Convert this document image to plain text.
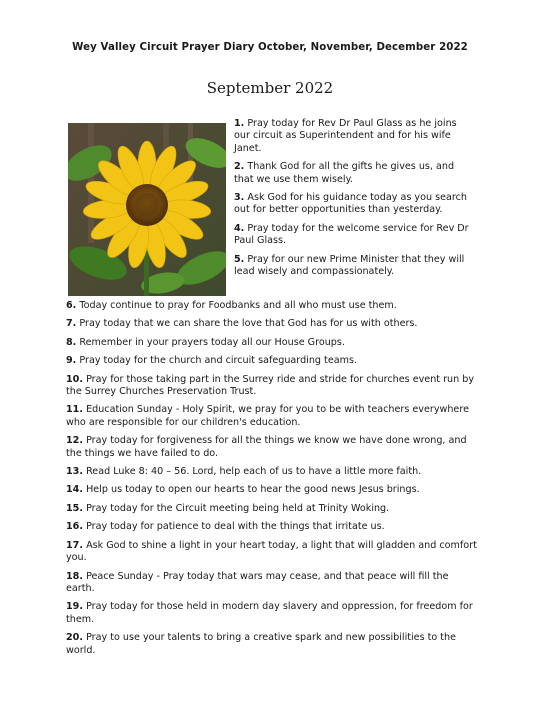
Wey Valley Circuit Prayer Diary October, November, December 2022
September 2022

1. Pray today for Rev Dr Paul Glass as he joins our circuit as Superintendent and for his wife Janet.

2. Thank God for all the gifts he gives us, and that we use them wisely.

3. Ask God for his guidance today as you search out for better opportunities than yesterday.

4. Pray today for the welcome service for Rev Dr Paul Glass.

5. Pray for our new Prime Minister that they will lead wisely and compassionately.

6. Today continue to pray for Foodbanks and all who must use them.

7. Pray today that we can share the love that God has for us with others.

8. Remember in your prayers today all our House Groups.

9. Pray today for the church and circuit safeguarding teams.

10. Pray for those taking part in the Surrey ride and stride for churches event run by the Surrey Churches Preservation Trust.

11. Education Sunday - Holy Spirit, we pray for you to be with teachers everywhere who are responsible for our children's education.

12. Pray today for forgiveness for all the things we know we have done wrong, and the things we have failed to do.

13. Read Luke 8: 40 – 56. Lord, help each of us to have a little more faith.

14. Help us today to open our hearts to hear the good news Jesus brings.

15. Pray today for the Circuit meeting being held at Trinity Woking.

16. Pray today for patience to deal with the things that irritate us.

17. Ask God to shine a light in your heart today, a light that will gladden and comfort you.

18. Peace Sunday - Pray today that wars may cease, and that peace will fill the earth.

19. Pray today for those held in modern day slavery and oppression, for freedom for them.

20. Pray to use your talents to bring a creative spark and new possibilities to the world.
